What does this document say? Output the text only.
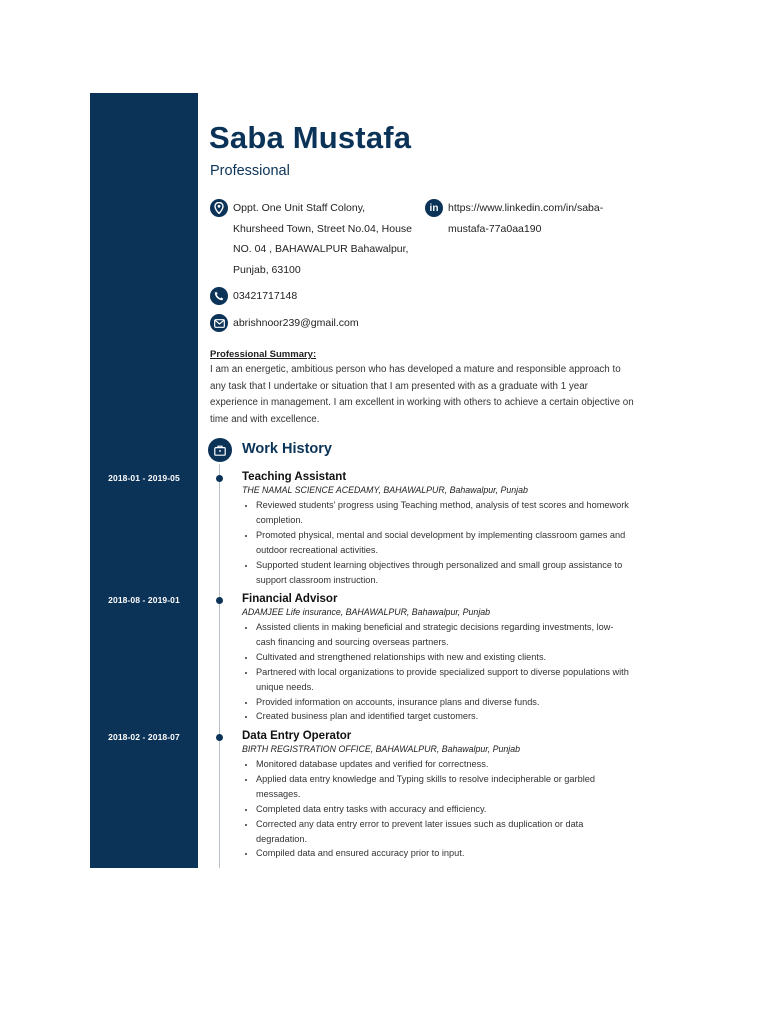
2018-01 - 2019-05
2018-08 - 2019-01
2018-02 - 2018-07
Saba Mustafa
Professional
Oppt. One Unit Staff Colony,
Khursheed Town, Street No.04, House
NO. 04 , BAHAWALPUR Bahawalpur,
Punjab, 63100
in https://www.linkedin.com/in/saba-
mustafa-77a0aa190
03421717148
abrishnoor239@gmail.com
Professional Summary:
I am an energetic, ambitious person who has developed a mature and responsible approach to any task that I undertake or situation that I am presented with as a graduate with 1 year experience in management. I am excellent in working with others to achieve a certain objective on time and with excellence.
Work History
Teaching Assistant
THE NAMAL SCIENCE ACEDAMY, BAHAWALPUR, Bahawalpur, Punjab
• Reviewed students' progress using Teaching method, analysis of test scores and homework completion.
• Promoted physical, mental and social development by implementing classroom games and outdoor recreational activities.
• Supported student learning objectives through personalized and small group assistance to support classroom instruction.
Financial Advisor
ADAMJEE Life insurance, BAHAWALPUR, Bahawalpur, Punjab
• Assisted clients in making beneficial and strategic decisions regarding investments, low-cash financing and sourcing overseas partners.
• Cultivated and strengthened relationships with new and existing clients.
• Partnered with local organizations to provide specialized support to diverse populations with unique needs.
• Provided information on accounts, insurance plans and diverse funds.
• Created business plan and identified target customers.
Data Entry Operator
BIRTH REGISTRATION OFFICE, BAHAWALPUR, Bahawalpur, Punjab
• Monitored database updates and verified for correctness.
• Applied data entry knowledge and Typing skills to resolve indecipherable or garbled messages.
• Completed data entry tasks with accuracy and efficiency.
• Corrected any data entry error to prevent later issues such as duplication or data degradation.
• Compiled data and ensured accuracy prior to input.
